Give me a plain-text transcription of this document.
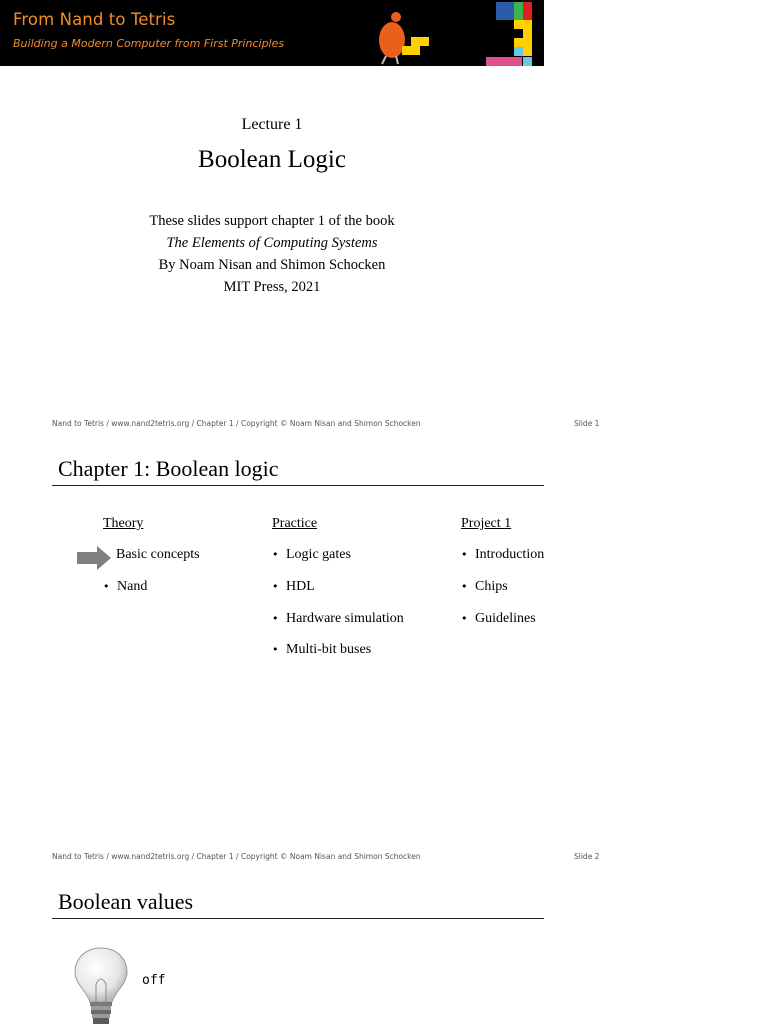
From Nand to Tetris
Building a Modern Computer from First Principles
Lecture 1
Boolean Logic
These slides support chapter 1 of the book
The Elements of Computing Systems
By Noam Nisan and Shimon Schocken
MIT Press, 2021
Nand to Tetris / www.nand2tetris.org / Chapter 1 / Copyright © Noam Nisan and Shimon Schocken	Slide 1
Chapter 1: Boolean logic
Theory
Basic concepts
• Nand
Practice
• Logic gates
• HDL
• Hardware simulation
• Multi-bit buses
Project 1
• Introduction
• Chips
• Guidelines
Nand to Tetris / www.nand2tetris.org / Chapter 1 / Copyright © Noam Nisan and Shimon Schocken	Slide 2
Boolean values
off
